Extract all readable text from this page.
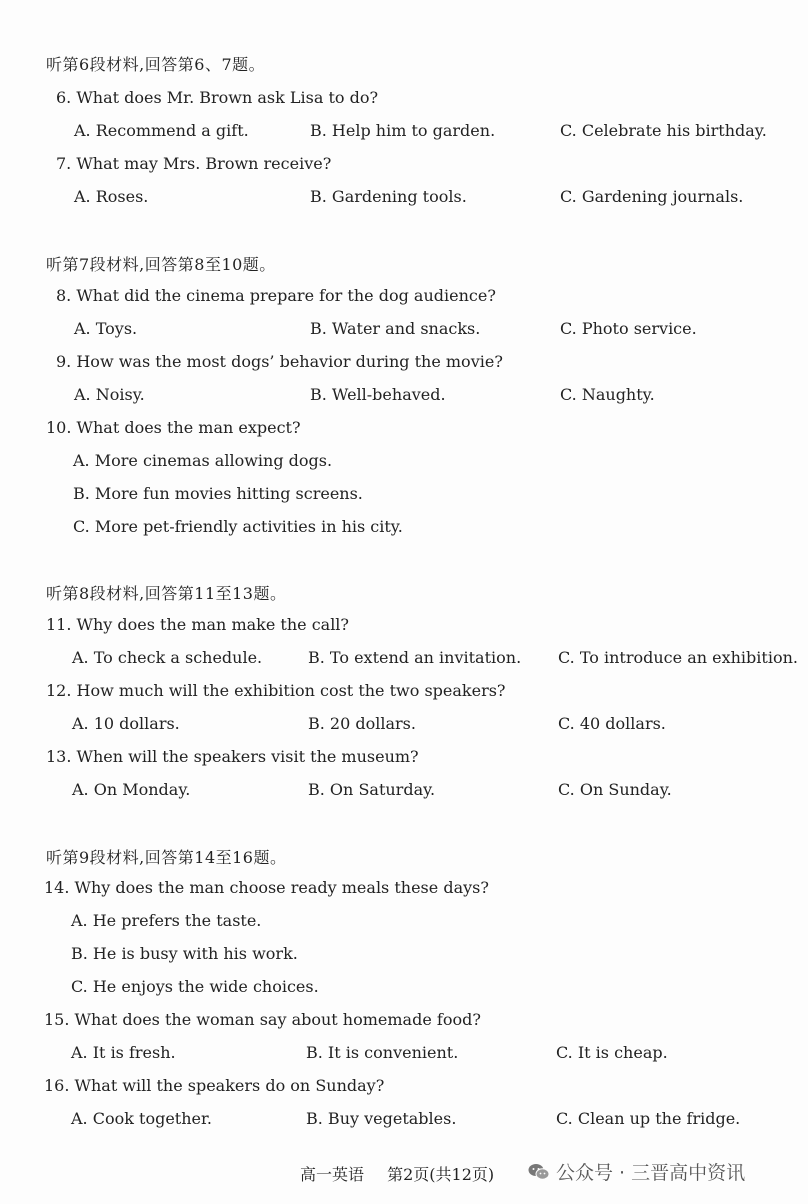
听第6段材料,回答第6、7题。
6. What does Mr. Brown ask Lisa to do?
A. Recommend a gift.	B. Help him to garden.	C. Celebrate his birthday.
7. What may Mrs. Brown receive?
A. Roses.	B. Gardening tools.	C. Gardening journals.
听第7段材料,回答第8至10题。
8. What did the cinema prepare for the dog audience?
A. Toys.	B. Water and snacks.	C. Photo service.
9. How was the most dogs’ behavior during the movie?
A. Noisy.	B. Well-behaved.	C. Naughty.
10. What does the man expect?
A. More cinemas allowing dogs.
B. More fun movies hitting screens.
C. More pet-friendly activities in his city.
听第8段材料,回答第11至13题。
11. Why does the man make the call?
A. To check a schedule.	B. To extend an invitation. C. To introduce an exhibition.
12. How much will the exhibition cost the two speakers?
A. 10 dollars.	B. 20 dollars.	C. 40 dollars.
13. When will the speakers visit the museum?
A. On Monday.	B. On Saturday.	C. On Sunday.
听第9段材料,回答第14至16题。
14. Why does the man choose ready meals these days?
A. He prefers the taste.
B. He is busy with his work.
C. He enjoys the wide choices.
15. What does the woman say about homemade food?
A. It is fresh.	B. It is convenient.	C. It is cheap.
16. What will the speakers do on Sunday?
A. Cook together.	B. Buy vegetables.	C. Clean up the fridge.
高一英语 第2页(共12页)	公众号 · 三晋高中资讯
